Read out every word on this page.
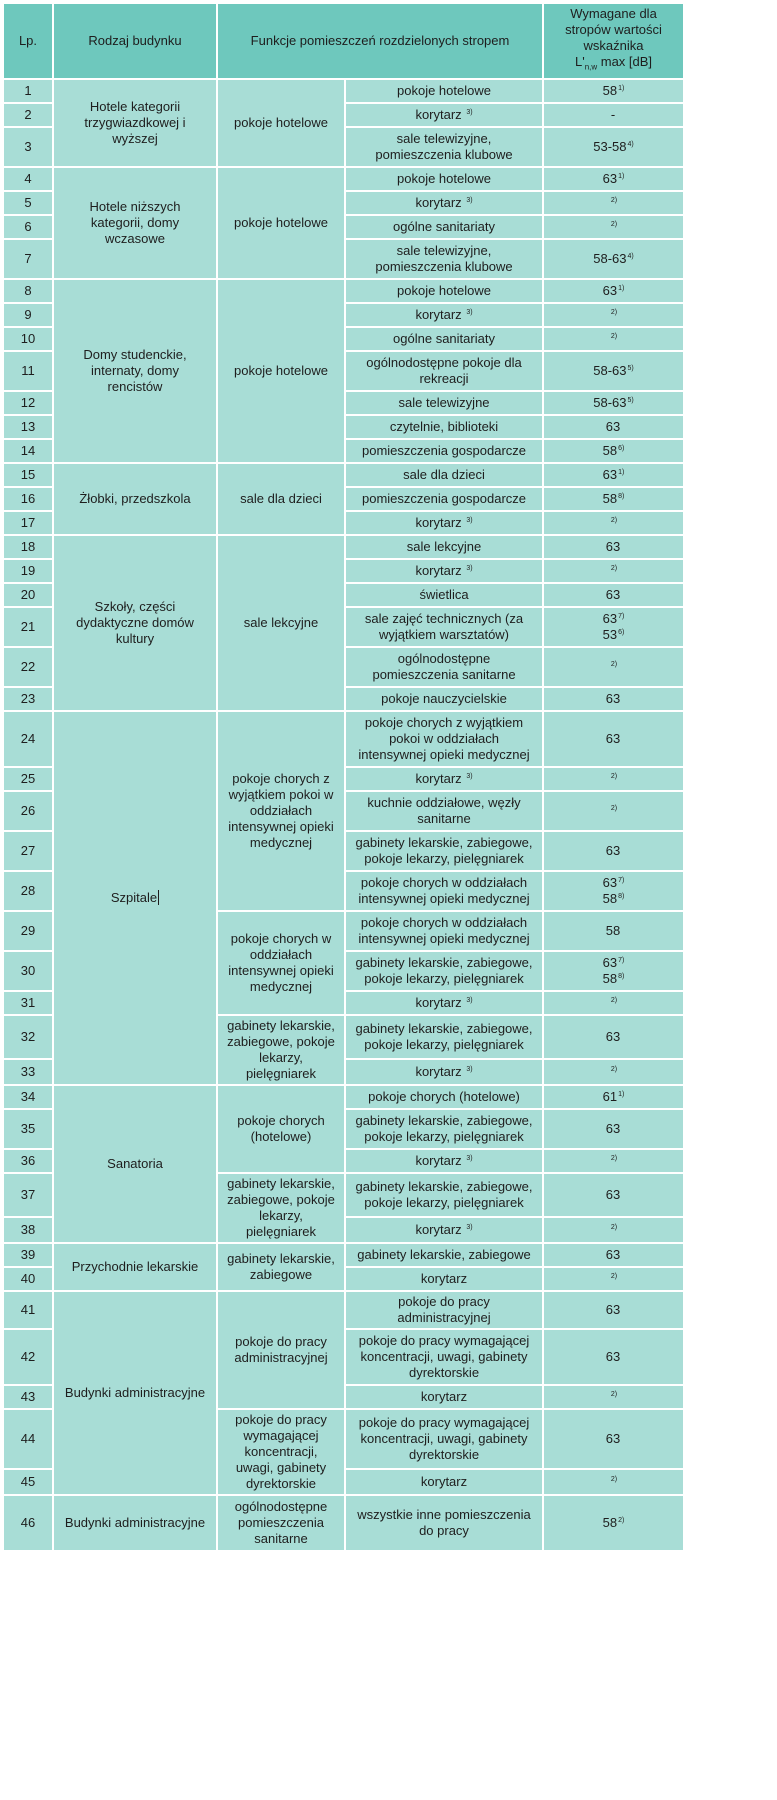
Lp.	Rodzaj budynku	Funkcje pomieszczeń rozdzielonych stropem		Wymagane dla
stropów wartości
wskaźnika
$L'_{n,w}$ max [dB]

1	Hotele kategorii trzygwiazdkowej i wyższej	pokoje hotelowe	pokoje hotelowe	58$^{1)}$

2			korytarz $^{3)}$	-

3			sale telewizyjne, pomieszczenia klubowe	53-58$^{4)}$

4	Hotele niższych kategorii, domy wczasowe	pokoje hotelowe	pokoje hotelowe	63$^{1)}$

5			korytarz $^{3)}$	$^{2)}$

6			ogólne sanitariaty	$^{2)}$

7			sale telewizyjne, pomieszczenia klubowe	58-63$^{4)}$

8	Domy studenckie, internaty, domy rencistów	pokoje hotelowe	pokoje hotelowe	63$^{1)}$

9			korytarz $^{3)}$	$^{2)}$

10			ogólne sanitariaty	$^{2)}$

11			ogólnodostępne pokoje dla rekreacji	58-63$^{5)}$

12			sale telewizyjne	58-63$^{5)}$

13			czytelnie, biblioteki	63

14			pomieszczenia gospodarcze	58$^{6)}$

15	Żłobki, przedszkola	sale dla dzieci	sale dla dzieci	63$^{1)}$

16			pomieszczenia gospodarcze	58$^{8)}$

17			korytarz $^{3)}$	$^{2)}$

18	Szkoły, części dydaktyczne domów kultury	sale lekcyjne	sale lekcyjne	63

19			korytarz $^{3)}$	$^{2)}$

20			świetlica	63

21			sale zajęć technicznych (za wyjątkiem warsztatów)	63$^{7)}$
53$^{6)}$

22			ogólnodostępne pomieszczenia sanitarne	$^{2)}$

23			pokoje nauczycielskie	63

24	Szpitale	pokoje chorych z wyjątkiem pokoi w oddziałach intensywnej opieki medycznej	pokoje chorych z wyjątkiem pokoi w oddziałach intensywnej opieki medycznej	63

25			korytarz $^{3)}$	$^{2)}$

26			kuchnie oddziałowe, węzły sanitarne	$^{2)}$

27			gabinety lekarskie, zabiegowe, pokoje lekarzy, pielęgniarek	63

28			pokoje chorych w oddziałach intensywnej opieki medycznej	63$^{7)}$
58$^{8)}$

29		pokoje chorych w oddziałach intensywnej opieki medycznej	pokoje chorych w oddziałach intensywnej opieki medycznej	58

30			gabinety lekarskie, zabiegowe, pokoje lekarzy, pielęgniarek	63$^{7)}$
58$^{8)}$

31			korytarz $^{3)}$	$^{2)}$

32		gabinety lekarskie, zabiegowe, pokoje lekarzy, pielęgniarek	gabinety lekarskie, zabiegowe, pokoje lekarzy, pielęgniarek	63

33			korytarz $^{3)}$	$^{2)}$

34	Sanatoria	pokoje chorych (hotelowe)	pokoje chorych (hotelowe)	61$^{1)}$

35			gabinety lekarskie, zabiegowe, pokoje lekarzy, pielęgniarek	63

36			korytarz $^{3)}$	$^{2)}$

37		gabinety lekarskie, zabiegowe, pokoje lekarzy, pielęgniarek	gabinety lekarskie, zabiegowe, pokoje lekarzy, pielęgniarek	63

38			korytarz $^{3)}$	$^{2)}$

39	Przychodnie lekarskie	gabinety lekarskie, zabiegowe	gabinety lekarskie, zabiegowe	63

40			korytarz	$^{2)}$

41	Budynki administracyjne	pokoje do pracy administracyjnej	pokoje do pracy administracyjnej	63

42			pokoje do pracy wymagającej koncentracji, uwagi, gabinety dyrektorskie	63

43			korytarz	$^{2)}$

44		pokoje do pracy wymagającej koncentracji, uwagi, gabinety dyrektorskie	pokoje do pracy wymagającej koncentracji, uwagi, gabinety dyrektorskie	63

45			korytarz	$^{2)}$

46	Budynki administracyjne	ogólnodostępne pomieszczenia sanitarne	wszystkie inne pomieszczenia do pracy	58$^{2)}$
